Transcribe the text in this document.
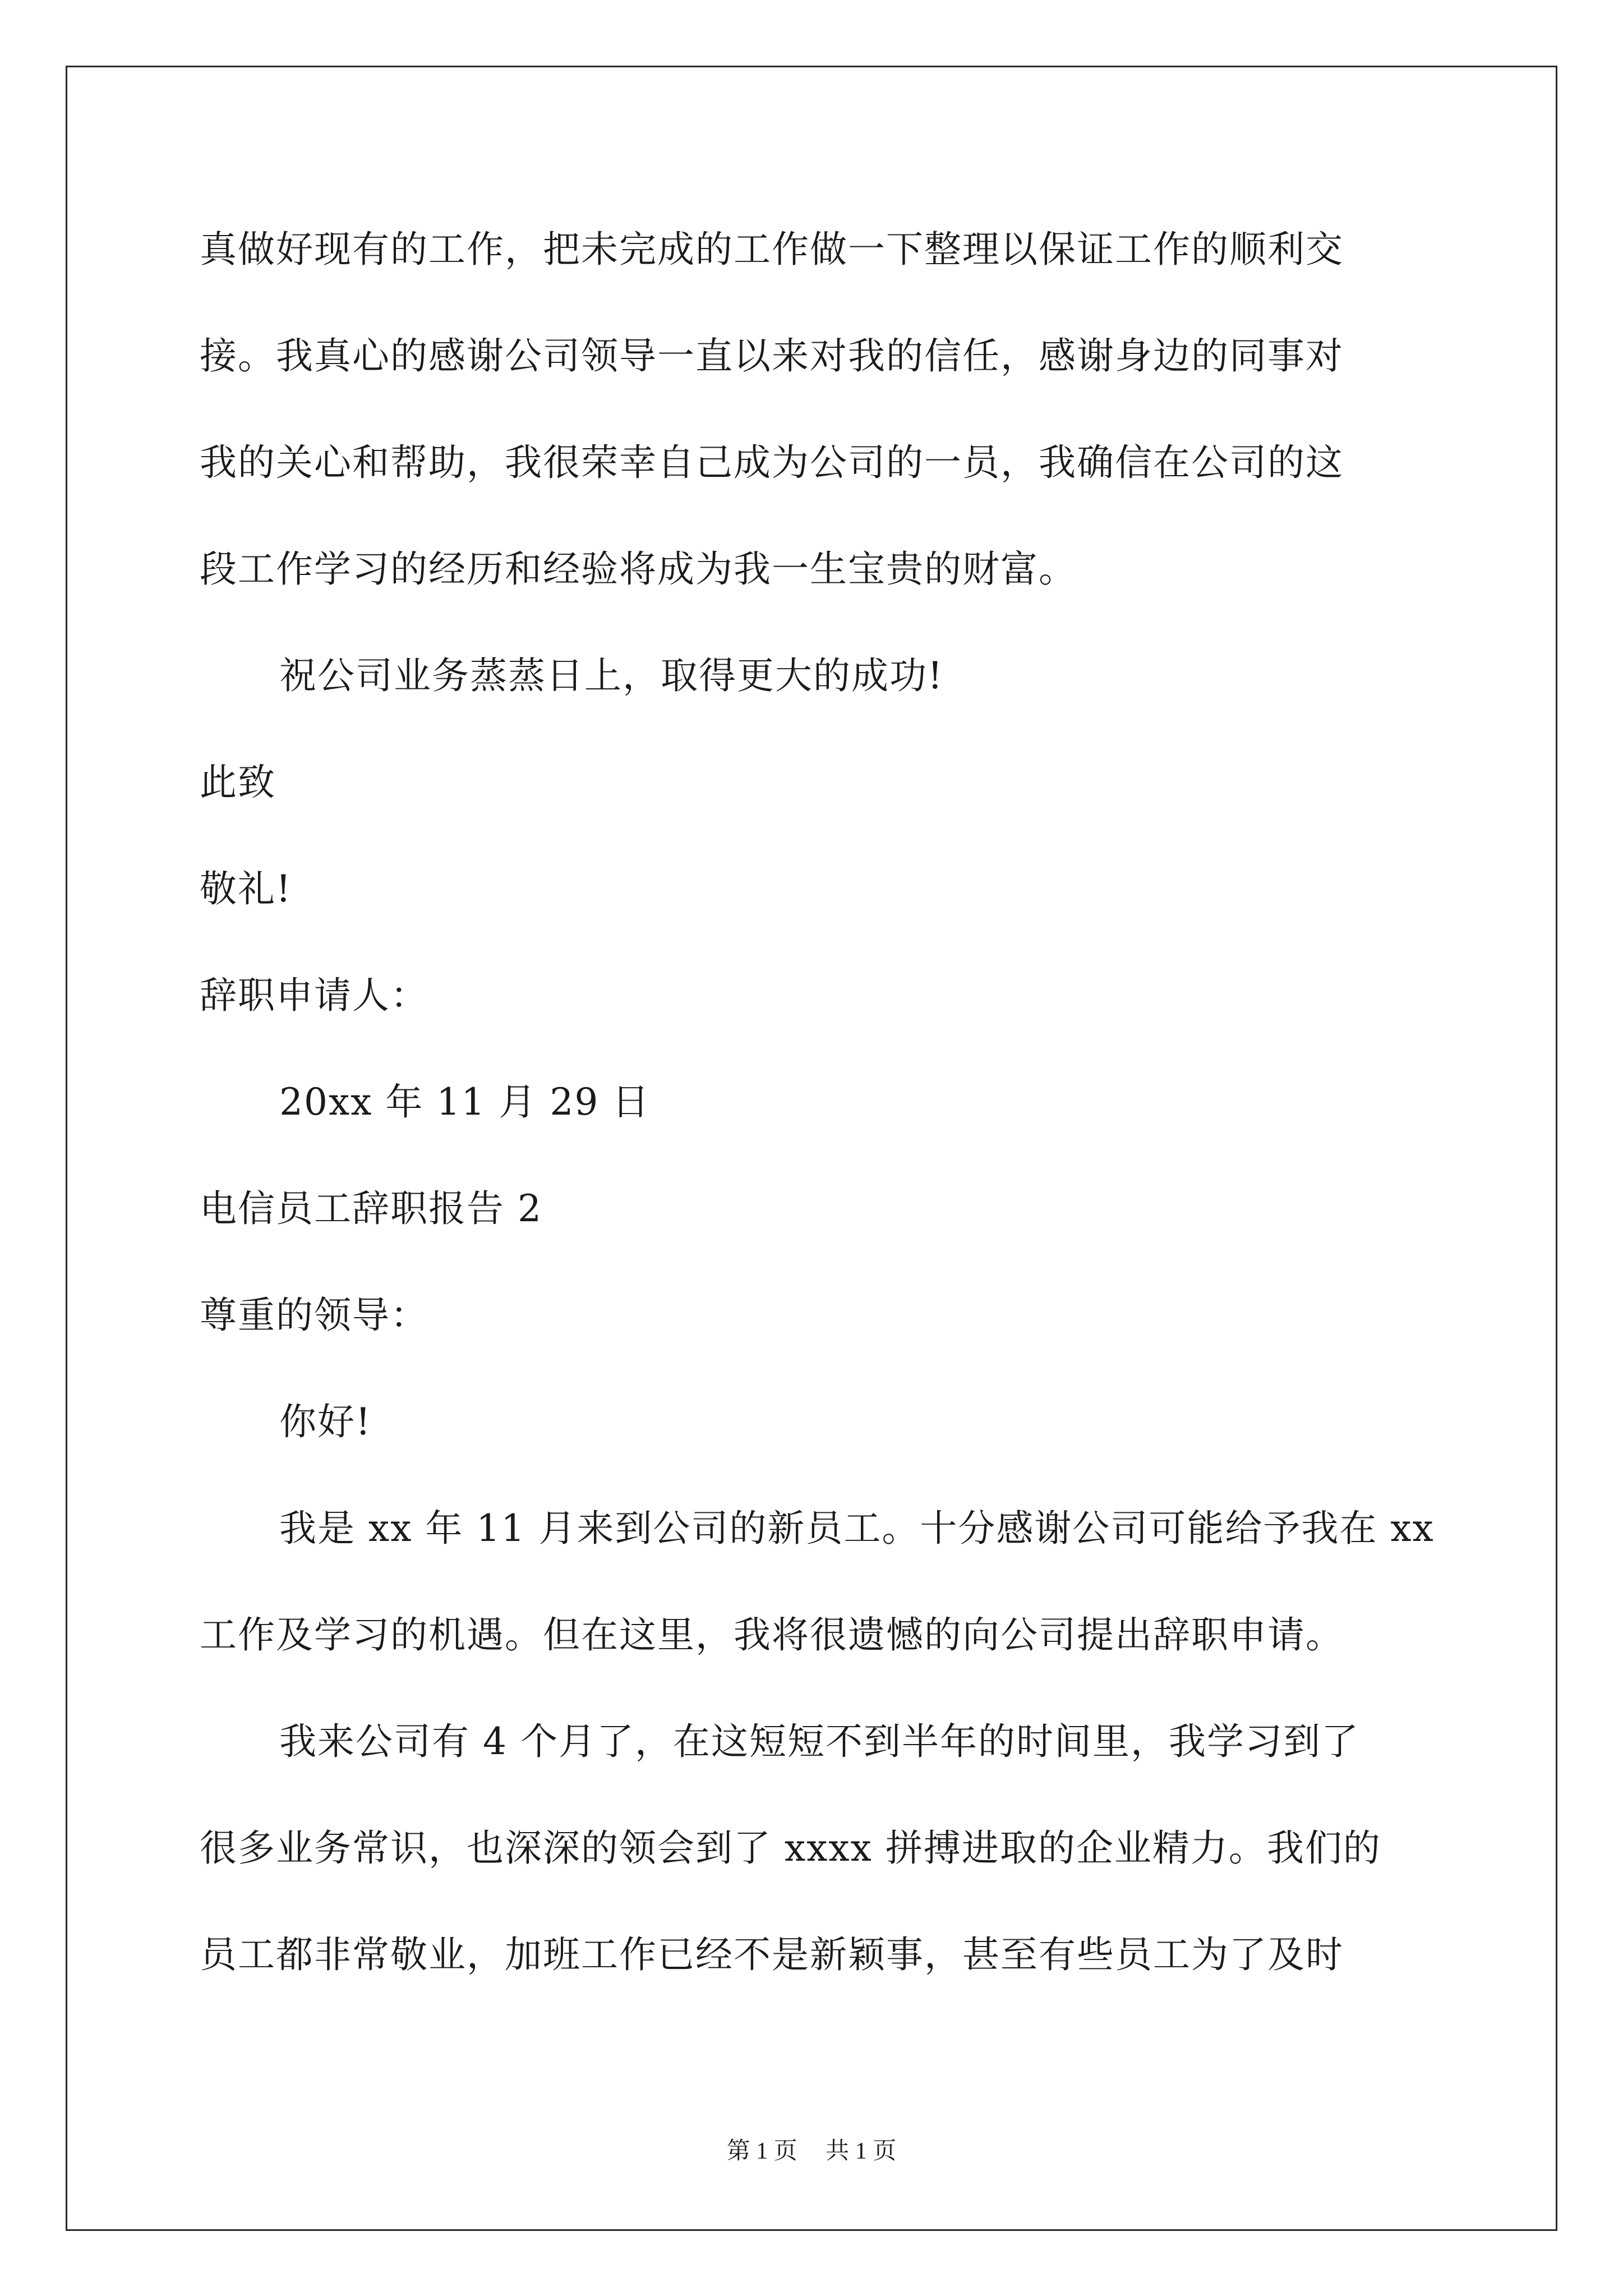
真做好现有的工作，把未完成的工作做一下整理以保证工作的顺利交
接。我真心的感谢公司领导一直以来对我的信任，感谢身边的同事对
我的关心和帮助，我很荣幸自己成为公司的一员，我确信在公司的这
段工作学习的经历和经验将成为我一生宝贵的财富。
祝公司业务蒸蒸日上，取得更大的成功!
此致
敬礼!
辞职申请人：
20xx 年 11 月 29 日
电信员工辞职报告 2
尊重的领导：
你好!
我是 xx 年 11 月来到公司的新员工。十分感谢公司可能给予我在 xx
工作及学习的机遇。但在这里，我将很遗憾的向公司提出辞职申请。
我来公司有 4 个月了，在这短短不到半年的时间里，我学习到了
很多业务常识，也深深的领会到了 xxxx 拼搏进取的企业精力。我们的
员工都非常敬业，加班工作已经不是新颖事，甚至有些员工为了及时
第 1 页 共 1 页
